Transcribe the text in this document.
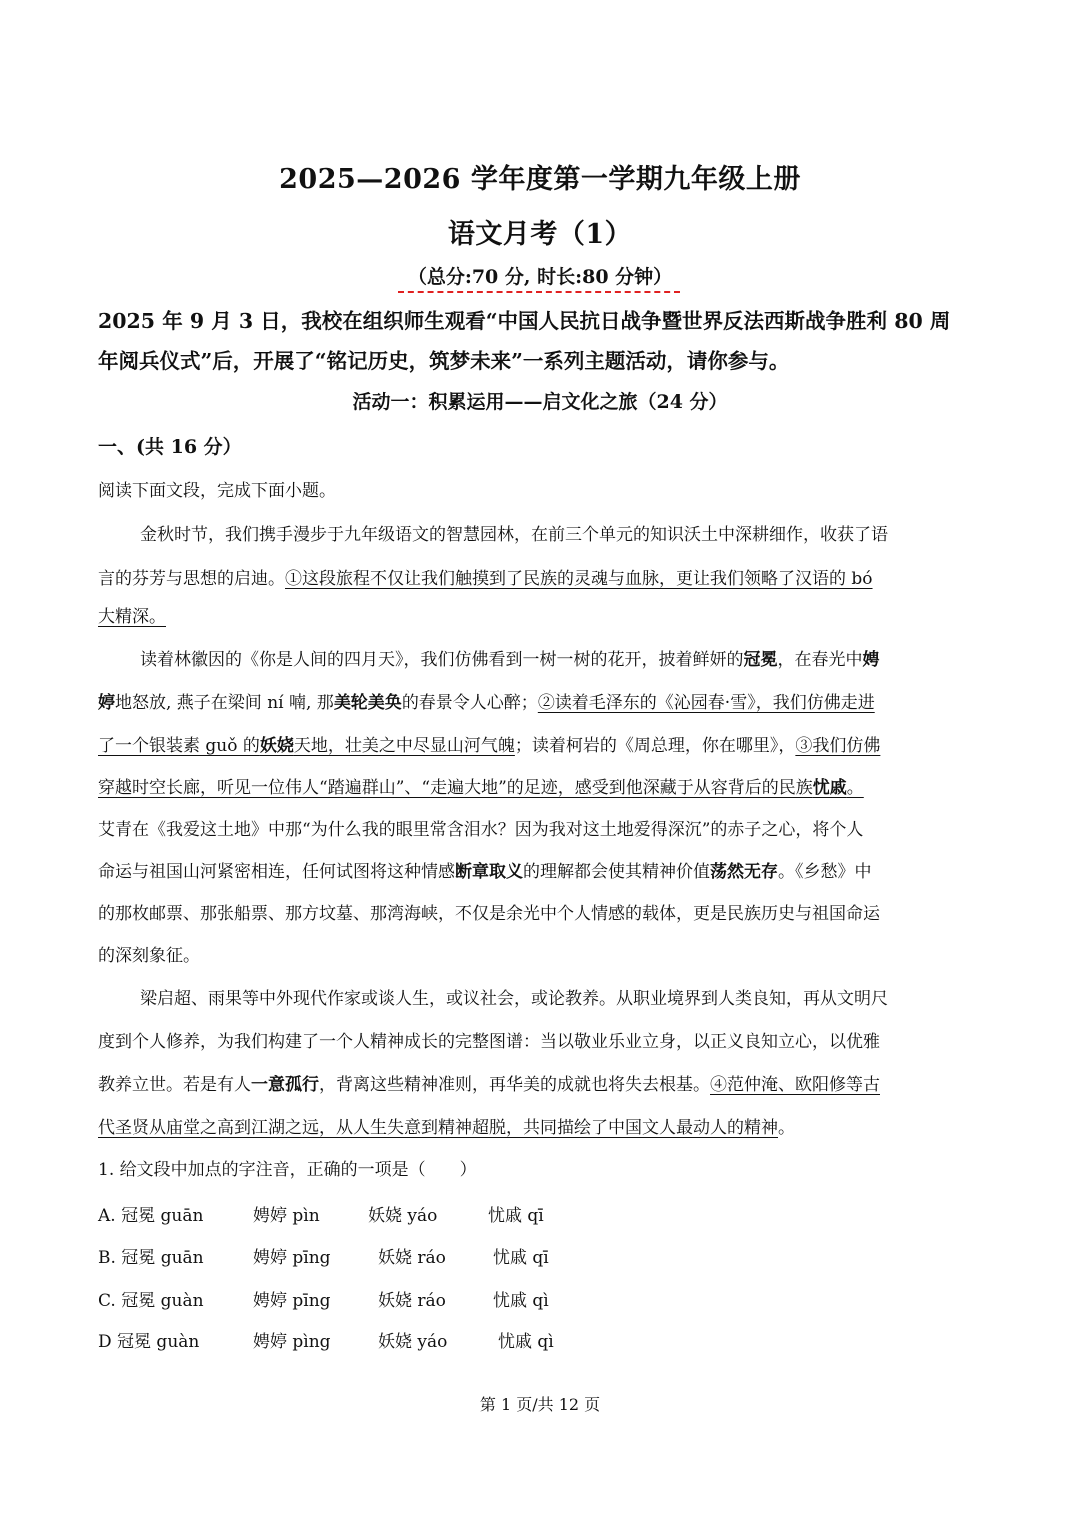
2025—2026 学年度第一学期九年级上册
语文月考（1）
（总分:70 分, 时长:80 分钟）
2025 年 9 月 3 日，我校在组织师生观看“中国人民抗日战争暨世界反法西斯战争胜利 80 周
年阅兵仪式”后，开展了“铭记历史，筑梦未来”一系列主题活动，请你参与。
活动一：积累运用——启文化之旅（24 分）
一、(共 16 分）
阅读下面文段，完成下面小题。
金秋时节，我们携手漫步于九年级语文的智慧园林，在前三个单元的知识沃土中深耕细作，收获了语
言的芬芳与思想的启迪。①这段旅程不仅让我们触摸到了民族的灵魂与血脉，更让我们领略了汉语的 bó
大精深。
读着林徽因的《你是人间的四月天》，我们仿佛看到一树一树的花开，披着鲜妍的冠冕，在春光中娉
婷地怒放, 燕子在梁间 ní 喃, 那美轮美奂的春景令人心醉；②读着毛泽东的《沁园春·雪》，我们仿佛走进
了一个银装素 guǒ 的妖娆天地，壮美之中尽显山河气魄；读着柯岩的《周总理，你在哪里》，③我们仿佛
穿越时空长廊，听见一位伟人“踏遍群山”、“走遍大地”的足迹，感受到他深藏于从容背后的民族忧戚。
艾青在《我爱这土地》中那“为什么我的眼里常含泪水？因为我对这土地爱得深沉”的赤子之心，将个人
命运与祖国山河紧密相连，任何试图将这种情感断章取义的理解都会使其精神价值荡然无存。《乡愁》中
的那枚邮票、那张船票、那方坟墓、那湾海峡，不仅是余光中个人情感的载体，更是民族历史与祖国命运
的深刻象征。
梁启超、雨果等中外现代作家或谈人生，或议社会，或论教养。从职业境界到人类良知，再从文明尺
度到个人修养，为我们构建了一个人精神成长的完整图谱：当以敬业乐业立身，以正义良知立心，以优雅
教养立世。若是有人一意孤行，背离这些精神准则，再华美的成就也将失去根基。④范仲淹、欧阳修等古
代圣贤从庙堂之高到江湖之远，从人生失意到精神超脱，共同描绘了中国文人最动人的精神。
1. 给文段中加点的字注音，正确的一项是（　　）
A. 冠冕 guān	娉婷 pìn	妖娆 yáo	忧戚 qī
B. 冠冕 guān	娉婷 pīng	妖娆 ráo	忧戚 qī
C. 冠冕 guàn	娉婷 pīng	妖娆 ráo	忧戚 qì
D 冠冕 guàn	娉婷 pìng	妖娆 yáo	忧戚 qì
第 1 页/共 12 页
